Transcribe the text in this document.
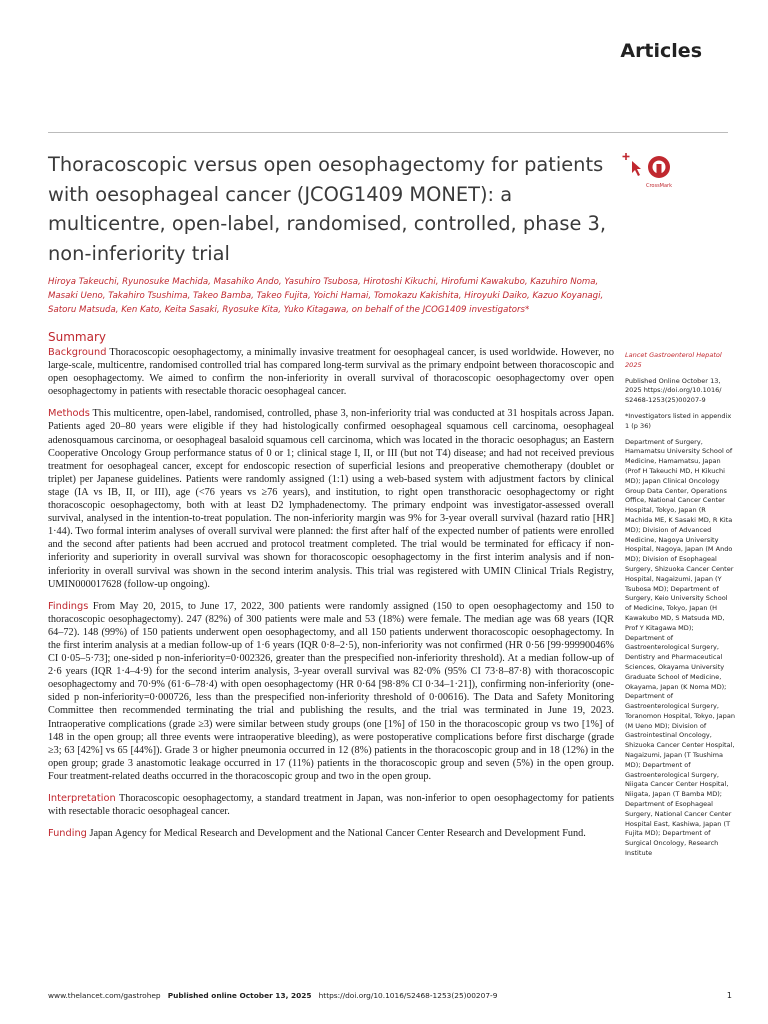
Articles
Thoracoscopic versus open oesophagectomy for patients with oesophageal cancer (JCOG1409 MONET): a multicentre, open-label, randomised, controlled, phase 3, non-inferiority trial
CrossMark

Hiroya Takeuchi, Ryunosuke Machida, Masahiko Ando, Yasuhiro Tsubosa, Hirotoshi Kikuchi, Hirofumi Kawakubo, Kazuhiro Noma, Masaki Ueno, Takahiro Tsushima, Takeo Bamba, Takeo Fujita, Yoichi Hamai, Tomokazu Kakishita, Hiroyuki Daiko, Kazuo Koyanagi, Satoru Matsuda, Ken Kato, Keita Sasaki, Ryosuke Kita, Yuko Kitagawa, on behalf of the JCOG1409 investigators*

Summary

Background Thoracoscopic oesophagectomy, a minimally invasive treatment for oesophageal cancer, is used worldwide. However, no large-scale, multicentre, randomised controlled trial has compared long-term survival as the primary endpoint between thoracoscopic and open oesophagectomy. We aimed to confirm the non-inferiority in overall survival of thoracoscopic oesophagectomy over open oesophagectomy in patients with resectable thoracic oesophageal cancer.

Methods This multicentre, open-label, randomised, controlled, phase 3, non-inferiority trial was conducted at 31 hospitals across Japan. Patients aged 20–80 years were eligible if they had histologically confirmed oesophageal squamous cell carcinoma, oesophageal adenosquamous carcinoma, or oesophageal basaloid squamous cell carcinoma, which was located in the thoracic oesophagus; an Eastern Cooperative Oncology Group performance status of 0 or 1; clinical stage I, II, or III (but not T4) disease; and had not received previous treatment for oesophageal cancer, except for endoscopic resection of superficial lesions and preoperative chemotherapy (doublet or triplet) per Japanese guidelines. Patients were randomly assigned (1:1) using a web-based system with adjustment factors by clinical stage (IA vs IB, II, or III), age (<76 years vs ≥76 years), and institution, to right open transthoracic oesophagectomy or right thoracoscopic oesophagectomy, both with at least D2 lymphadenectomy. The primary endpoint was investigator-assessed overall survival, analysed in the intention-to-treat population. The non-inferiority margin was 9% for 3-year overall survival (hazard ratio [HR] 1·44). Two formal interim analyses of overall survival were planned: the first after half of the expected number of patients were enrolled and the second after patients had been accrued and protocol treatment completed. The trial would be terminated for efficacy if non-inferiority and superiority in overall survival was shown for thoracoscopic oesophagectomy in the first interim analysis and if non-inferiority in overall survival was shown in the second interim analysis. This trial was registered with UMIN Clinical Trials Registry, UMIN000017628 (follow-up ongoing).

Findings From May 20, 2015, to June 17, 2022, 300 patients were randomly assigned (150 to open oesophagectomy and 150 to thoracoscopic oesophagectomy). 247 (82%) of 300 patients were male and 53 (18%) were female. The median age was 68 years (IQR 64–72). 148 (99%) of 150 patients underwent open oesophagectomy, and all 150 patients underwent thoracoscopic oesophagectomy. In the first interim analysis at a median follow-up of 1·6 years (IQR 0·8–2·5), non-inferiority was not confirmed (HR 0·56 [99·99990046% CI 0·05–5·73]; one-sided p non-inferiority=0·002326, greater than the prespecified non-inferiority threshold). At a median follow-up of 2·6 years (IQR 1·4–4·9) for the second interim analysis, 3-year overall survival was 82·0% (95% CI 73·8–87·8) with thoracoscopic oesophagectomy and 70·9% (61·6–78·4) with open oesophagectomy (HR 0·64 [98·8% CI 0·34–1·21]), confirming non-inferiority (one-sided p non-inferiority=0·000726, less than the prespecified non-inferiority threshold of 0·00616). The Data and Safety Monitoring Committee then recommended terminating the trial and publishing the results, and the trial was terminated in June 19, 2023. Intraoperative complications (grade ≥3) were similar between study groups (one [1%] of 150 in the thoracoscopic group vs two [1%] of 148 in the open group; all three events were intraoperative bleeding), as were postoperative complications before first discharge (grade ≥3; 63 [42%] vs 65 [44%]). Grade 3 or higher pneumonia occurred in 12 (8%) patients in the thoracoscopic group and in 18 (12%) in the open group; grade 3 anastomotic leakage occurred in 17 (11%) patients in the thoracoscopic group and seven (5%) in the open group. Four treatment-related deaths occurred in the thoracoscopic group and two in the open group.

Interpretation Thoracoscopic oesophagectomy, a standard treatment in Japan, was non-inferior to open oesophagectomy for patients with resectable thoracic oesophageal cancer.

Funding Japan Agency for Medical Research and Development and the National Cancer Center Research and Development Fund.

Lancet Gastroenterol Hepatol 2025
Published Online October 13, 2025 https://doi.org/10.1016/ S2468-1253(25)00207-9
*Investigators listed in appendix 1 (p 36)
Department of Surgery, Hamamatsu University School of Medicine, Hamamatsu, Japan (Prof H Takeuchi MD, H Kikuchi MD); Japan Clinical Oncology Group Data Center, Operations Office, National Cancer Center Hospital, Tokyo, Japan (R Machida ME, K Sasaki MD, R Kita MD); Division of Advanced Medicine, Nagoya University Hospital, Nagoya, Japan (M Ando MD); Division of Esophageal Surgery, Shizuoka Cancer Center Hospital, Nagaizumi, Japan (Y Tsubosa MD); Department of Surgery, Keio University School of Medicine, Tokyo, Japan (H Kawakubo MD, S Matsuda MD, Prof Y Kitagawa MD); Department of Gastroenterological Surgery, Dentistry and Pharmaceutical Sciences, Okayama University Graduate School of Medicine, Okayama, Japan (K Noma MD); Department of Gastroenterological Surgery, Toranomon Hospital, Tokyo, Japan (M Ueno MD); Division of Gastrointestinal Oncology, Shizuoka Cancer Center Hospital, Nagaizumi, Japan (T Tsushima MD); Department of Gastroenterological Surgery, Niigata Cancer Center Hospital, Niigata, Japan (T Bamba MD); Department of Esophageal Surgery, National Cancer Center Hospital East, Kashiwa, Japan (T Fujita MD); Department of Surgical Oncology, Research Institute
www.thelancet.com/gastrohep Published online October 13, 2025 https://doi.org/10.1016/S2468-1253(25)00207-9	1
